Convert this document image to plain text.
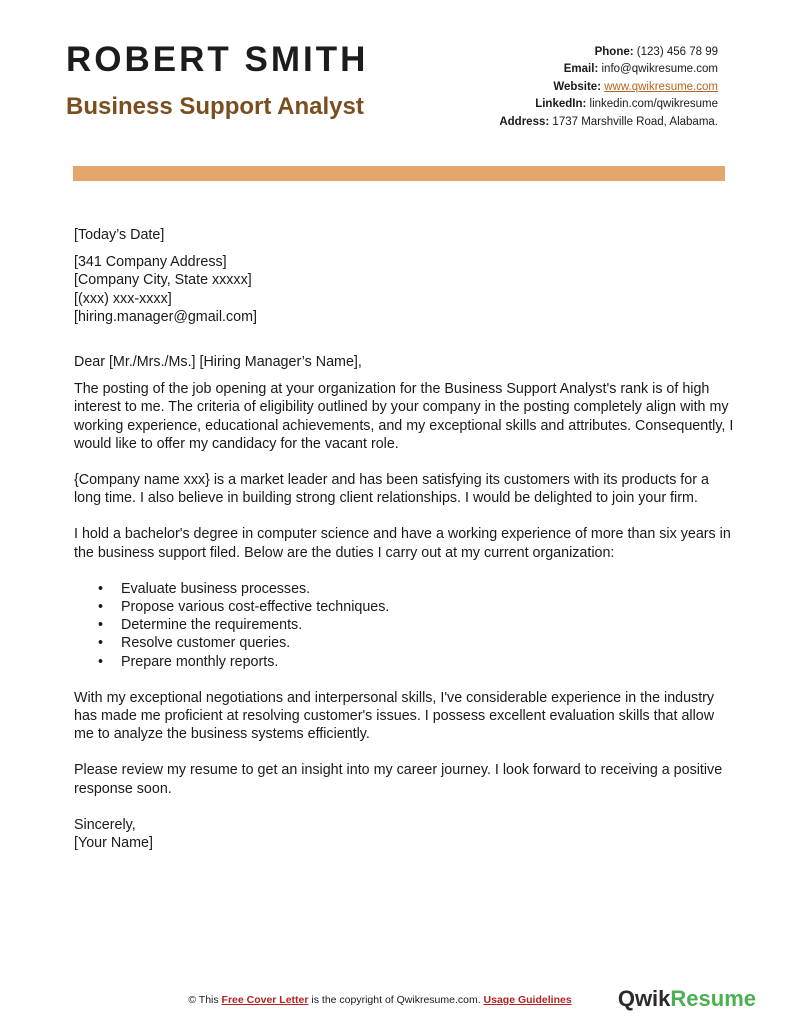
ROBERT SMITH
Business Support Analyst
Phone: (123) 456 78 99
Email: info@qwikresume.com
Website: www.qwikresume.com
LinkedIn: linkedin.com/qwikresume
Address: 1737 Marshville Road, Alabama.

[Today’s Date]

[341 Company Address]

[Company City, State xxxxx]

[(xxx) xxx-xxxx]

[hiring.manager@gmail.com]

Dear [Mr./Mrs./Ms.] [Hiring Manager’s Name],

The posting of the job opening at your organization for the Business Support Analyst's rank is of high interest to me. The criteria of eligibility outlined by your company in the posting completely align with my working experience, educational achievements, and my exceptional skills and attributes. Consequently, I would like to offer my candidacy for the vacant role.

{Company name xxx} is a market leader and has been satisfying its customers with its products for a long time. I also believe in building strong client relationships. I would be delighted to join your firm.

I hold a bachelor's degree in computer science and have a working experience of more than six years in the business support filed. Below are the duties I carry out at my current organization:

• Evaluate business processes.
• Propose various cost-effective techniques.
• Determine the requirements.
• Resolve customer queries.
• Prepare monthly reports.

With my exceptional negotiations and interpersonal skills, I've considerable experience in the industry has made me proficient at resolving customer's issues. I possess excellent evaluation skills that allow me to analyze the business systems efficiently.

Please review my resume to get an insight into my career journey. I look forward to receiving a positive response soon.

Sincerely,

[Your Name]

© This Free Cover Letter is the copyright of Qwikresume.com. Usage Guidelines	QwikResume
